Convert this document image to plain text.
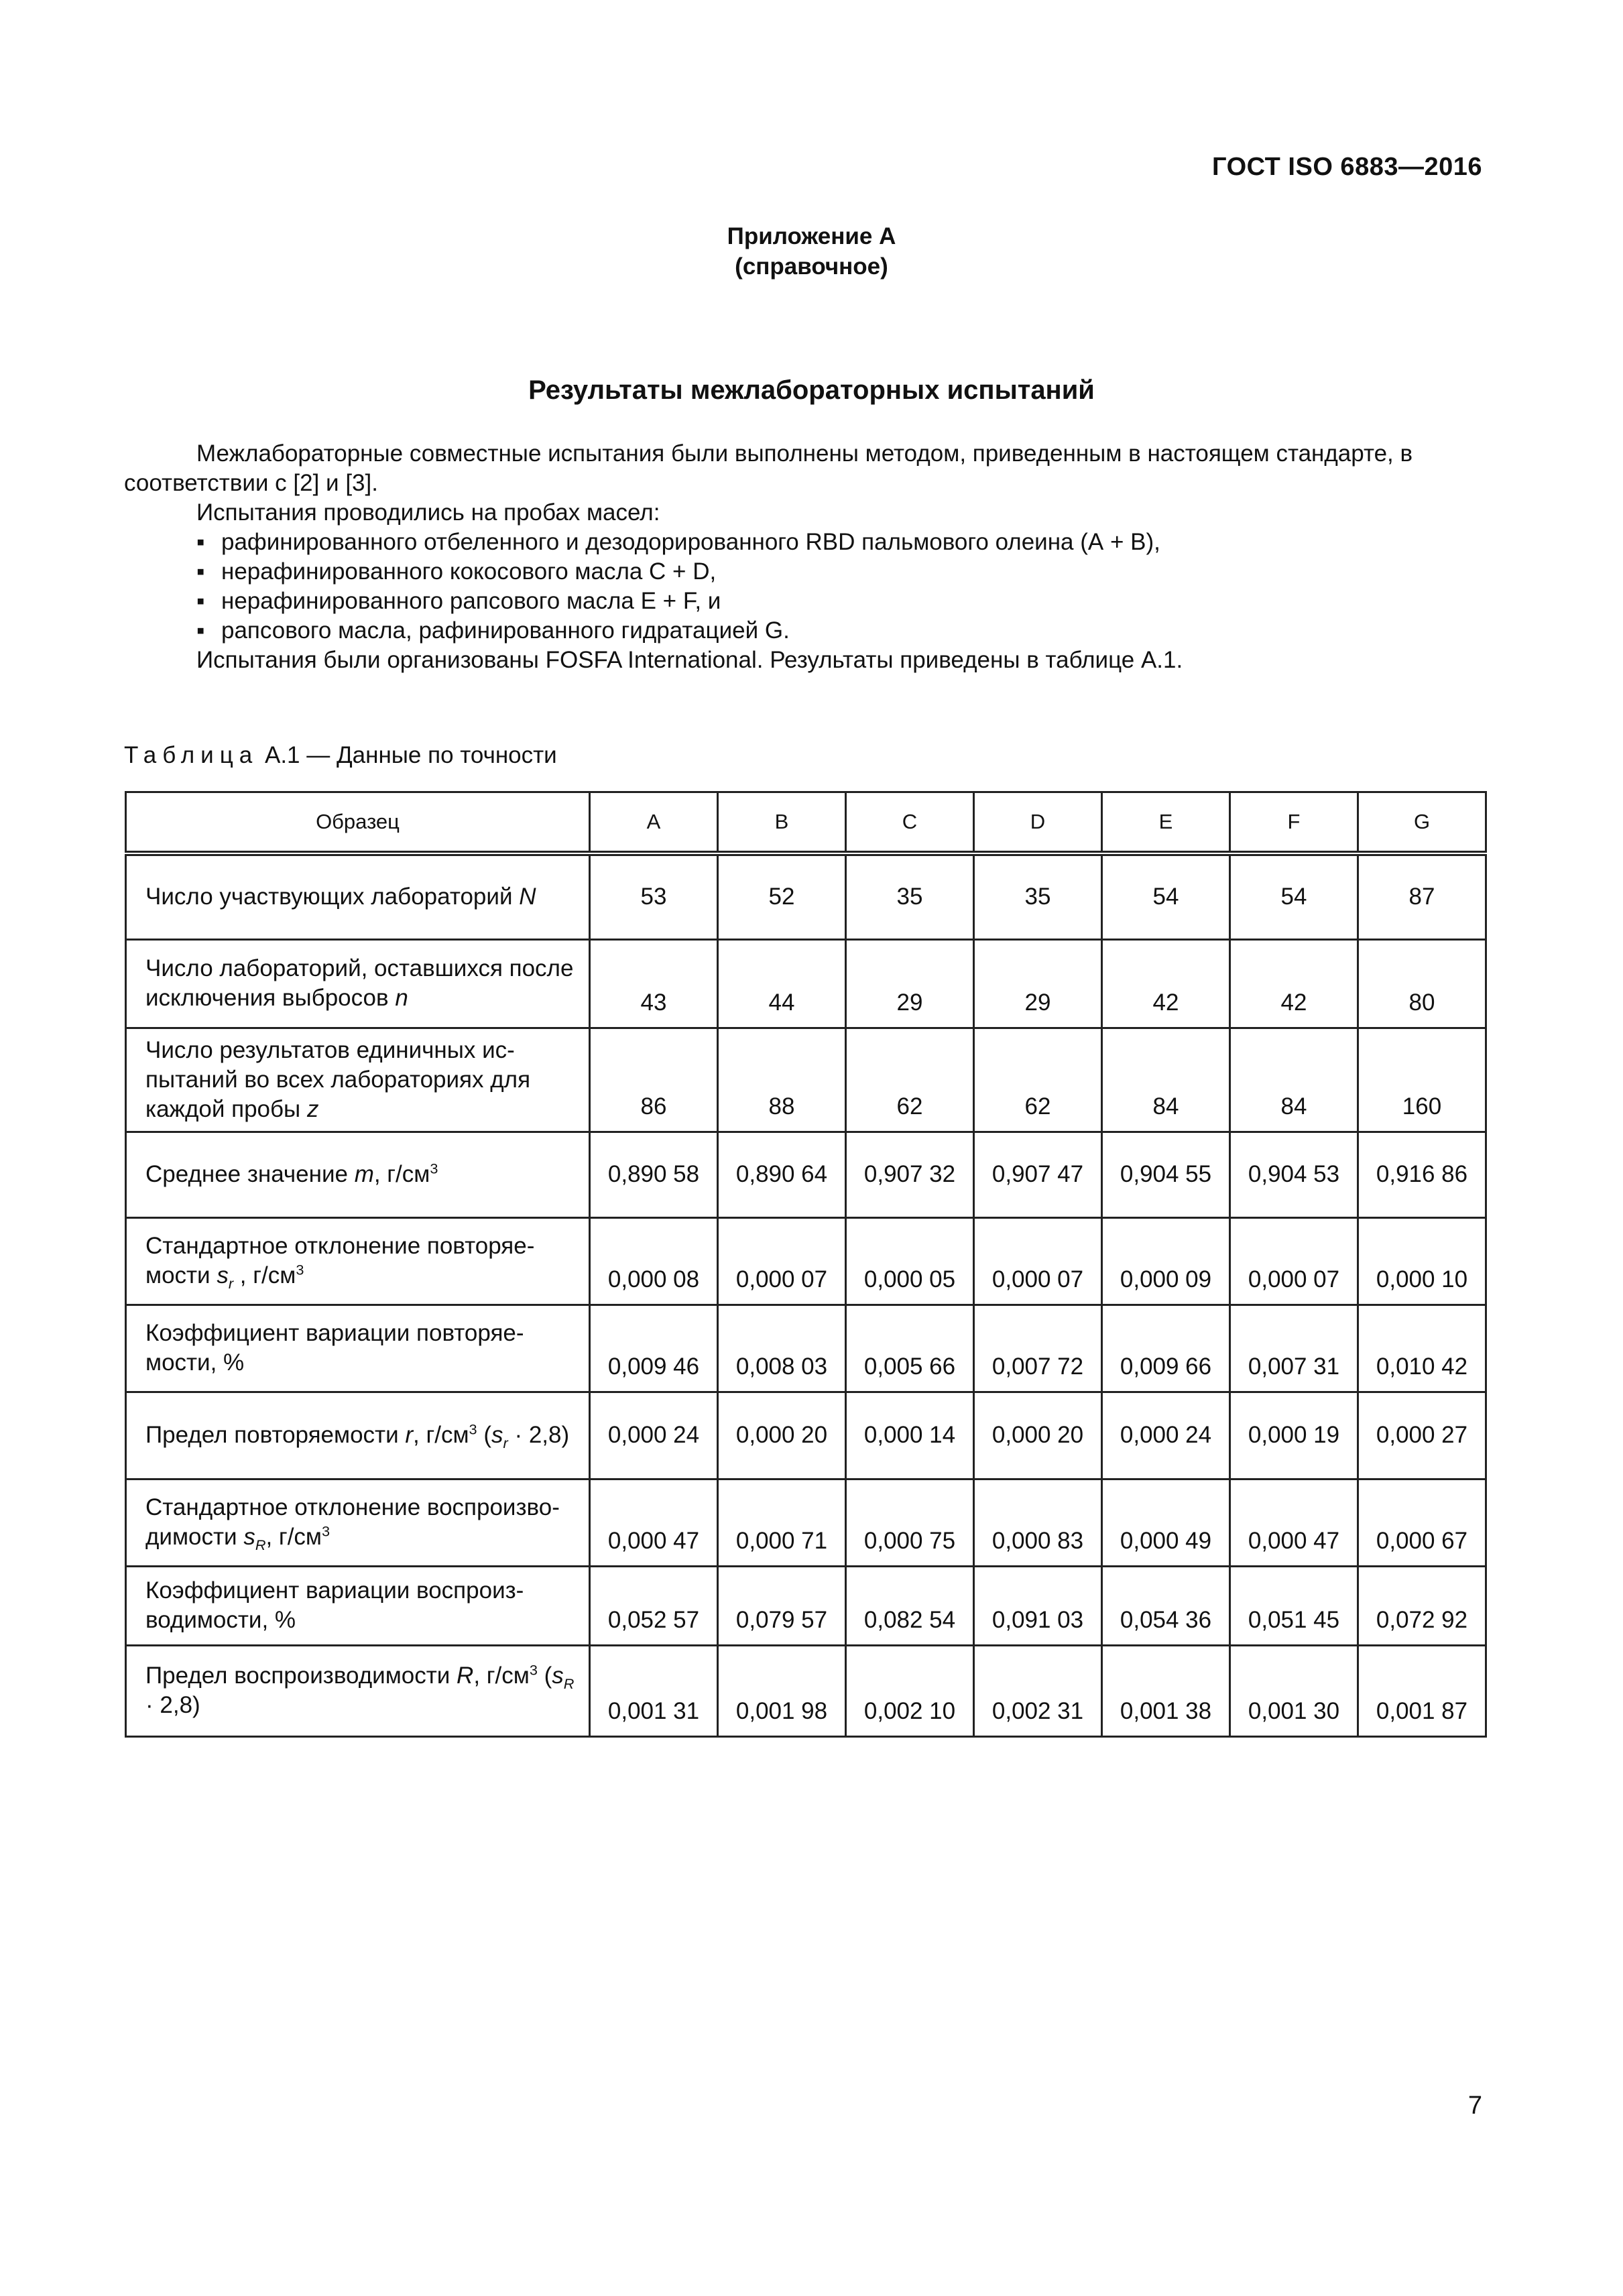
ГОСТ ISO 6883—2016
Приложение А
(справочное)
Результаты межлабораторных испытаний

Межлабораторные совместные испытания были выполнены методом, приведенным в настоящем стандарте, в соответствии с [2] и [3].

Испытания проводились на пробах масел:

▪ рафинированного отбеленного и дезодорированного RBD пальмового олеина (А + В),
▪ нерафинированного кокосового масла С + D,
▪ нерафинированного рапсового масла Е + F, и
▪ рапсового масла, рафинированного гидратацией G.

Испытания были организованы FOSFA International. Результаты приведены в таблице А.1.

Таблица А.1 — Данные по точности
Образец	A	B	C	D	E	F	G
Число участвующих лабораторий N	53	52	35	35	54	54	87
Число лабораторий, оставшихся после исключения выбросов n	43	44	29	29	42	42	80
Число результатов единичных ис-пытаний во всех лабораториях для каждой пробы z	86	88	62	62	84	84	160
Среднее значение m, $г/см^3$	0,890 58	0,890 64	0,907 32	0,907 47	0,904 55	0,904 53	0,916 86
Стандартное отклонение повторяе-мости $s_r$ , $г/см^3$	0,000 08	0,000 07	0,000 05	0,000 07	0,000 09	0,000 07	0,000 10
Коэффициент вариации повторяе-мости, %	0,009 46	0,008 03	0,005 66	0,007 72	0,009 66	0,007 31	0,010 42
Предел повторяемости r, $г/см^3$ $(s_r \cdot 2,8)$	0,000 24	0,000 20	0,000 14	0,000 20	0,000 24	0,000 19	0,000 27
Стандартное отклонение воспроизво-димости $s_R$, $г/см^3$	0,000 47	0,000 71	0,000 75	0,000 83	0,000 49	0,000 47	0,000 67
Коэффициент вариации воспроиз-водимости, %	0,052 57	0,079 57	0,082 54	0,091 03	0,054 36	0,051 45	0,072 92
Предел воспроизводимости R, $г/см^3$ $(s_R \cdot 2,8)$	0,001 31	0,001 98	0,002 10	0,002 31	0,001 38	0,001 30	0,001 87
7
